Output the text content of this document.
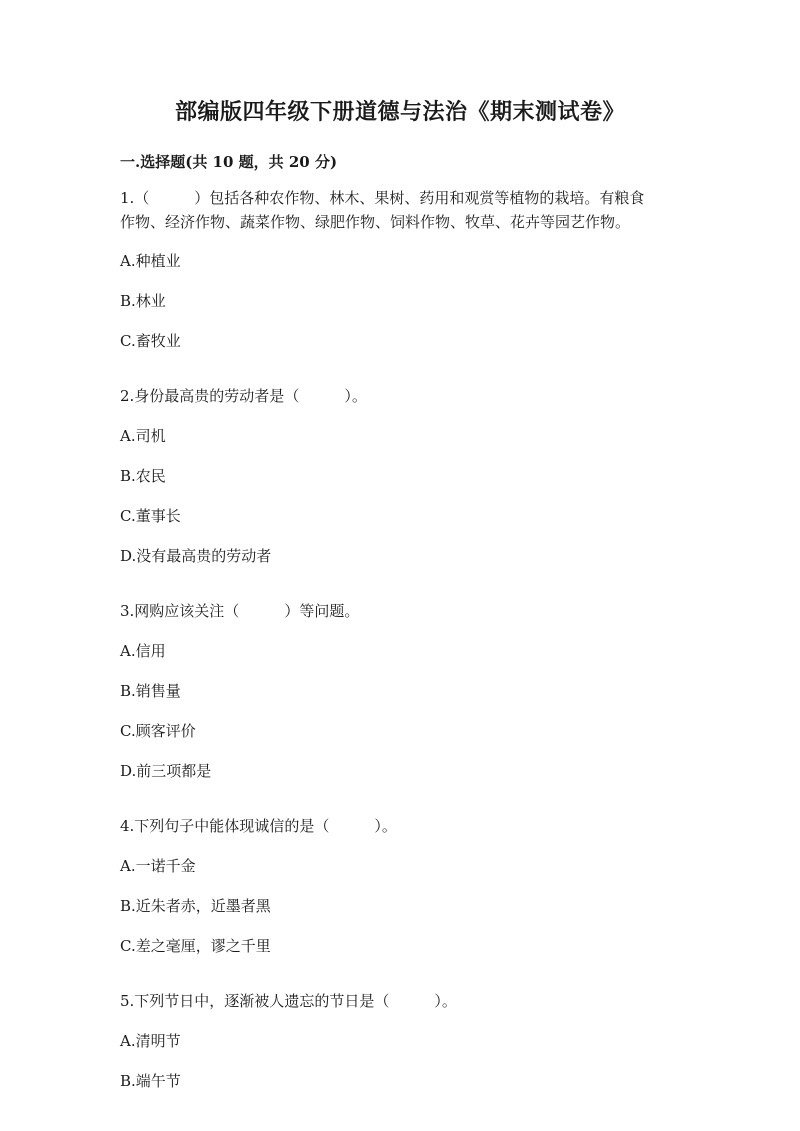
部编版四年级下册道德与法治《期末测试卷》
一.选择题(共 10 题，共 20 分)
1.（　　　）包括各种农作物、林木、果树、药用和观赏等植物的栽培。有粮食
作物、经济作物、蔬菜作物、绿肥作物、饲料作物、牧草、花卉等园艺作物。
A.种植业
B.林业
C.畜牧业
2.身份最高贵的劳动者是（　　　）。
A.司机
B.农民
C.董事长
D.没有最高贵的劳动者
3.网购应该关注（　　　）等问题。
A.信用
B.销售量
C.顾客评价
D.前三项都是
4.下列句子中能体现诚信的是（　　　）。
A.一诺千金
B.近朱者赤，近墨者黑
C.差之毫厘，谬之千里
5.下列节日中，逐渐被人遗忘的节日是（　　　）。
A.清明节
B.端午节
